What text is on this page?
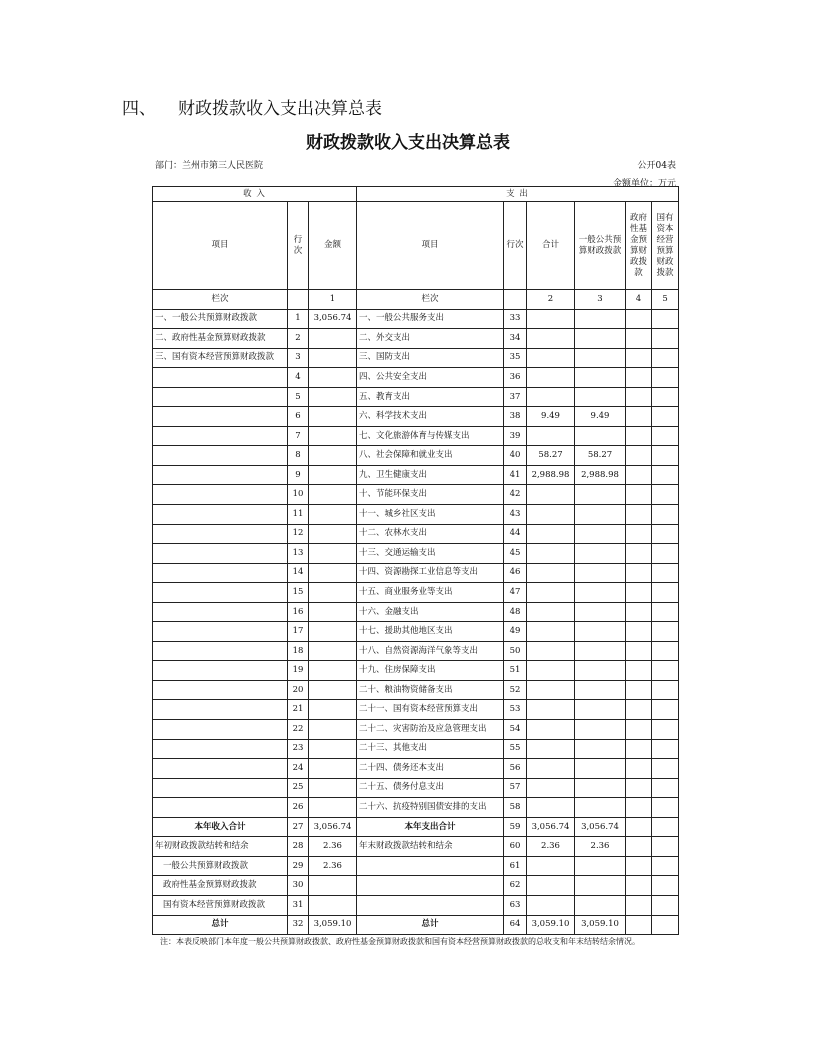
四、 财政拨款收入支出决算总表
财政拨款收入支出决算总表
部门：兰州市第三人民医院	公开04表
金额单位：万元
收 入			支 出					
项目	行次	金额	项目	行次	合计	一般公共预算财政拨款	政府性基金预算财政拨款	国有资本经营预算财政拨款

栏次		1	栏次		2	3	4	5
一、一般公共预算财政拨款	1	3,056.74	一、一般公共服务支出	33				
二、政府性基金预算财政拨款	2		二、外交支出	34				
三、国有资本经营预算财政拨款	3		三、国防支出	35				
	4		四、公共安全支出	36				
	5		五、教育支出	37				
	6		六、科学技术支出	38	9.49	9.49		
	7		七、文化旅游体育与传媒支出	39				
	8		八、社会保障和就业支出	40	58.27	58.27		
	9		九、卫生健康支出	41	2,988.98	2,988.98		
	10		十、节能环保支出	42				
	11		十一、城乡社区支出	43				
	12		十二、农林水支出	44				
	13		十三、交通运输支出	45				
	14		十四、资源勘探工业信息等支出	46				
	15		十五、商业服务业等支出	47				
	16		十六、金融支出	48				
	17		十七、援助其他地区支出	49				
	18		十八、自然资源海洋气象等支出	50				
	19		十九、住房保障支出	51				
	20		二十、粮油物资储备支出	52				
	21		二十一、国有资本经营预算支出	53				
	22		二十二、灾害防治及应急管理支出	54				
	23		二十三、其他支出	55				
	24		二十四、债务还本支出	56				
	25		二十五、债务付息支出	57				
	26		二十六、抗疫特别国债安排的支出	58				
本年收入合计	27	3,056.74	本年支出合计	59	3,056.74	3,056.74		
年初财政拨款结转和结余	28	2.36	年末财政拨款结转和结余	60	2.36	2.36		
一般公共预算财政拨款	29	2.36		61				
政府性基金预算财政拨款	30			62				
国有资本经营预算财政拨款	31			63				
总计	32	3,059.10	总计	64	3,059.10	3,059.10		
注：本表反映部门本年度一般公共预算财政拨款、政府性基金预算财政拨款和国有资本经营预算财政拨款的总收支和年末结转结余情况。
